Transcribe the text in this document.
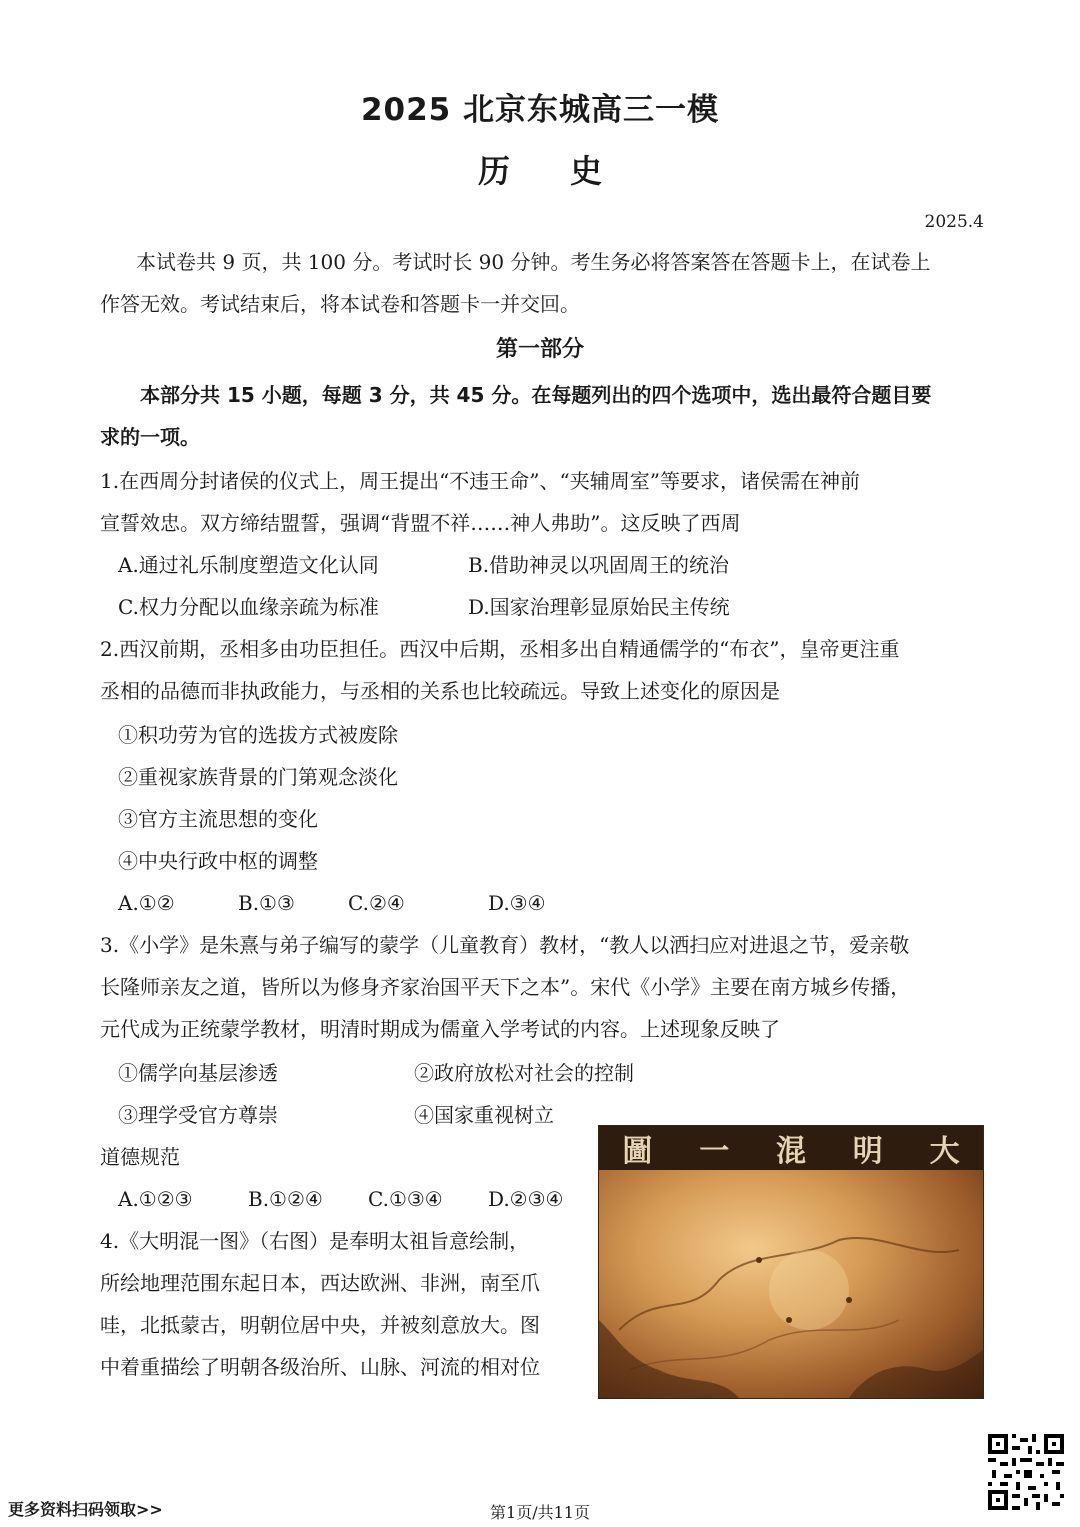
2025 北京东城高三一模
历史
2025.4
本试卷共 9 页，共 100 分。考试时长 90 分钟。考生务必将答案答在答题卡上，在试卷上
作答无效。考试结束后，将本试卷和答题卡一并交回。
第一部分
本部分共 15 小题，每题 3 分，共 45 分。在每题列出的四个选项中，选出最符合题目要
求的一项。
1.在西周分封诸侯的仪式上，周王提出“不违王命”、“夹辅周室”等要求，诸侯需在神前
宣誓效忠。双方缔结盟誓，强调“背盟不祥……神人弗助”。这反映了西周
A.通过礼乐制度塑造文化认同	B.借助神灵以巩固周王的统治
C.权力分配以血缘亲疏为标准	D.国家治理彰显原始民主传统
2.西汉前期，丞相多由功臣担任。西汉中后期，丞相多出自精通儒学的“布衣”，皇帝更注重
丞相的品德而非执政能力，与丞相的关系也比较疏远。导致上述变化的原因是
①积功劳为官的选拔方式被废除
②重视家族背景的门第观念淡化
③官方主流思想的变化
④中央行政中枢的调整
A.①②	B.①③	C.②④	D.③④
3.《小学》是朱熹与弟子编写的蒙学（儿童教育）教材，“教人以洒扫应对进退之节，爱亲敬
长隆师亲友之道，皆所以为修身齐家治国平天下之本”。宋代《小学》主要在南方城乡传播，
元代成为正统蒙学教材，明清时期成为儒童入学考试的内容。上述现象反映了
①儒学向基层渗透	②政府放松对社会的控制
③理学受官方尊崇	④国家重视树立
道德规范
A.①②③	B.①②④ C.①③④ D.②③④
4.《大明混一图》（右图）是奉明太祖旨意绘制，
所绘地理范围东起日本，西达欧洲、非洲，南至爪
哇，北抵蒙古，明朝位居中央，并被刻意放大。图
中着重描绘了明朝各级治所、山脉、河流的相对位
圖 一 混 明 大
更多资料扫码领取>>	第1页/共11页
